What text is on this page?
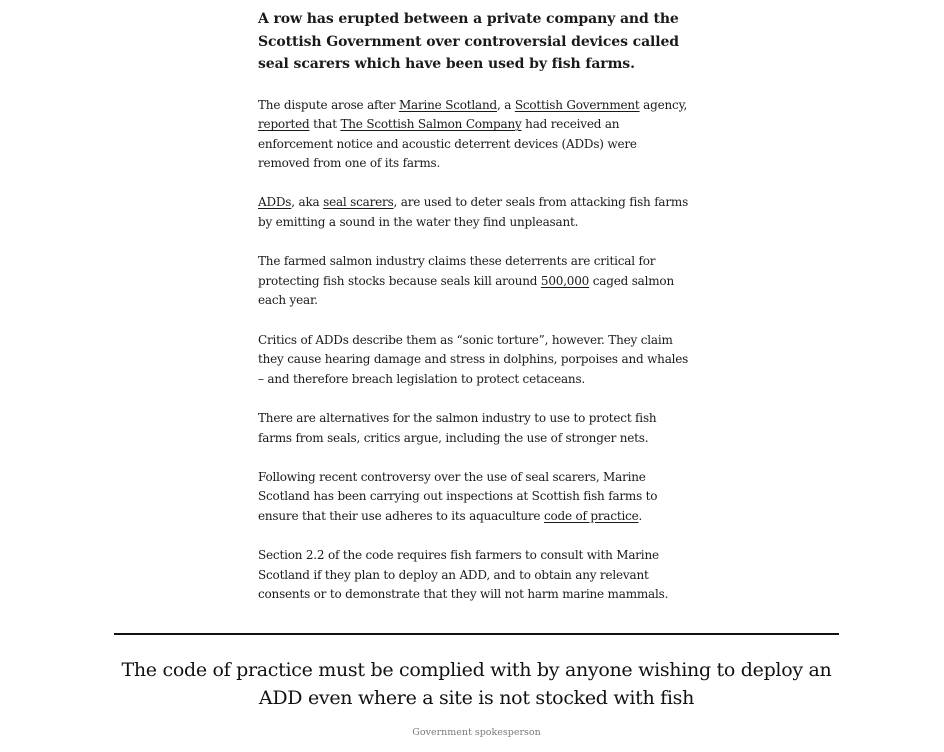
A row has erupted between a private company and the Scottish Government over controversial devices called seal scarers which have been used by fish farms.

The dispute arose after Marine Scotland, a Scottish Government agency, reported that The Scottish Salmon Company had received an enforcement notice and acoustic deterrent devices (ADDs) were removed from one of its farms.

ADDs, aka seal scarers, are used to deter seals from attacking fish farms by emitting a sound in the water they find unpleasant.

The farmed salmon industry claims these deterrents are critical for protecting fish stocks because seals kill around 500,000 caged salmon each year.

Critics of ADDs describe them as “sonic torture”, however. They claim they cause hearing damage and stress in dolphins, porpoises and whales – and therefore breach legislation to protect cetaceans.

There are alternatives for the salmon industry to use to protect fish farms from seals, critics argue, including the use of stronger nets.

Following recent controversy over the use of seal scarers, Marine Scotland has been carrying out inspections at Scottish fish farms to ensure that their use adheres to its aquaculture code of practice.

Section 2.2 of the code requires fish farmers to consult with Marine Scotland if they plan to deploy an ADD, and to obtain any relevant consents or to demonstrate that they will not harm marine mammals.

The code of practice must be complied with by anyone wishing to deploy an ADD even where a site is not stocked with fish

Government spokesperson
